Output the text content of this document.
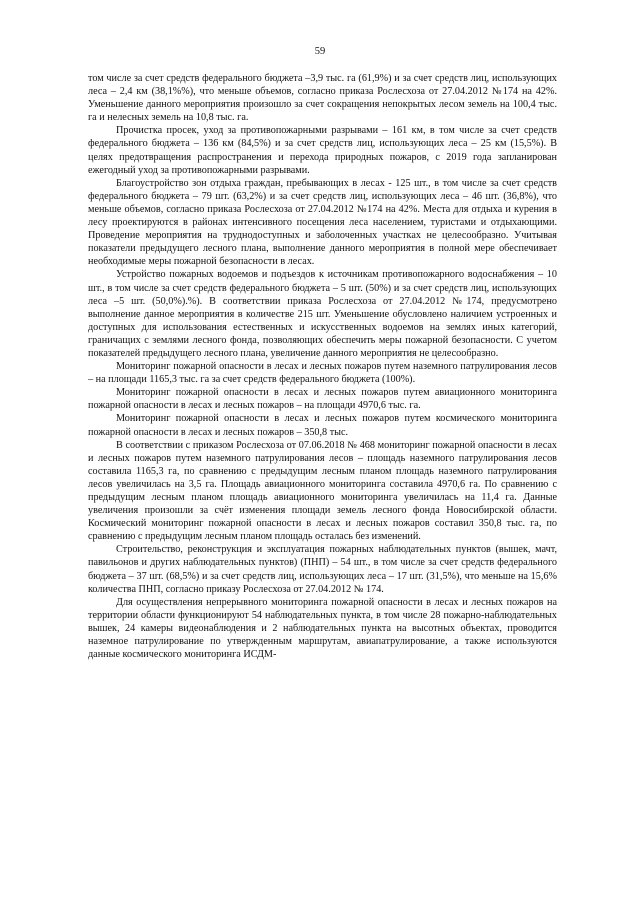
59

том числе за счет средств федерального бюджета –3,9 тыс. га (61,9%) и за счет средств лиц, использующих леса – 2,4 км (38,1%%), что меньше объемов, согласно приказа Рослесхоза от 27.04.2012 №174 на 42%. Уменьшение данного мероприятия произошло за счет сокращения непокрытых лесом земель на 100,4 тыс. га и нелесных земель на 10,8 тыс. га.

Прочистка просек, уход за противопожарными разрывами – 161 км, в том числе за счет средств федерального бюджета – 136 км (84,5%) и за счет средств лиц, использующих леса – 25 км (15,5%). В целях предотвращения распространения и перехода природных пожаров, с 2019 года запланирован ежегодный уход за противопожарными разрывами.

Благоустройство зон отдыха граждан, пребывающих в лесах - 125 шт., в том числе за счет средств федерального бюджета – 79 шт. (63,2%) и за счет средств лиц, использующих леса – 46 шт. (36,8%), что меньше объемов, согласно приказа Рослесхоза от 27.04.2012 №174 на 42%. Места для отдыха и курения в лесу проектируются в районах интенсивного посещения леса населением, туристами и отдыхающими. Проведение мероприятия на труднодоступных и заболоченных участках не целесообразно. Учитывая показатели предыдущего лесного плана, выполнение данного мероприятия в полной мере обеспечивает необходимые меры пожарной безопасности в лесах.

Устройство пожарных водоемов и подъездов к источникам противопожарного водоснабжения – 10 шт., в том числе за счет средств федерального бюджета – 5 шт. (50%) и за счет средств лиц, использующих леса –5 шт. (50,0%).%). В соответствии приказа Рослесхоза от 27.04.2012 №174, предусмотрено выполнение данное мероприятия в количестве 215 шт. Уменьшение обусловлено наличием устроенных и доступных для использования естественных и искусственных водоемов на землях иных категорий, граничащих с землями лесного фонда, позволяющих обеспечить меры пожарной безопасности. С учетом показателей предыдущего лесного плана, увеличение данного мероприятия не целесообразно.

Мониторинг пожарной опасности в лесах и лесных пожаров путем наземного патрулирования лесов – на площади 1165,3 тыс. га за счет средств федерального бюджета (100%).

Мониторинг пожарной опасности в лесах и лесных пожаров путем авиационного мониторинга пожарной опасности в лесах и лесных пожаров – на площади 4970,6 тыс. га.

Мониторинг пожарной опасности в лесах и лесных пожаров путем космического мониторинга пожарной опасности в лесах и лесных пожаров – 350,8 тыс.

В соответствии с приказом Рослесхоза от 07.06.2018 № 468 мониторинг пожарной опасности в лесах и лесных пожаров путем наземного патрулирования лесов – площадь наземного патрулирования лесов составила 1165,3 га, по сравнению с предыдущим лесным планом площадь наземного патрулирования лесов увеличилась на 3,5 га. Площадь авиационного мониторинга составила 4970,6 га. По сравнению с предыдущим лесным планом площадь авиационного мониторинга увеличилась на 11,4 га. Данные увеличения произошли за счёт изменения площади земель лесного фонда Новосибирской области. Космический мониторинг пожарной опасности в лесах и лесных пожаров составил 350,8 тыс. га, по сравнению с предыдущим лесным планом площадь осталась без изменений.

Строительство, реконструкция и эксплуатация пожарных наблюдательных пунктов (вышек, мачт, павильонов и других наблюдательных пунктов) (ПНП) – 54 шт., в том числе за счет средств федерального бюджета – 37 шт. (68,5%) и за счет средств лиц, использующих леса – 17 шт. (31,5%), что меньше на 15,6% количества ПНП, согласно приказу Рослесхоза от 27.04.2012 № 174.

Для осуществления непрерывного мониторинга пожарной опасности в лесах и лесных пожаров на территории области функционируют 54 наблюдательных пункта, в том числе 28 пожарно-наблюдательных вышек, 24 камеры видеонаблюдения и 2 наблюдательных пункта на высотных объектах, проводится наземное патрулирование по утвержденным маршрутам, авиапатрулирование, а также используются данные космического мониторинга ИСДМ-
